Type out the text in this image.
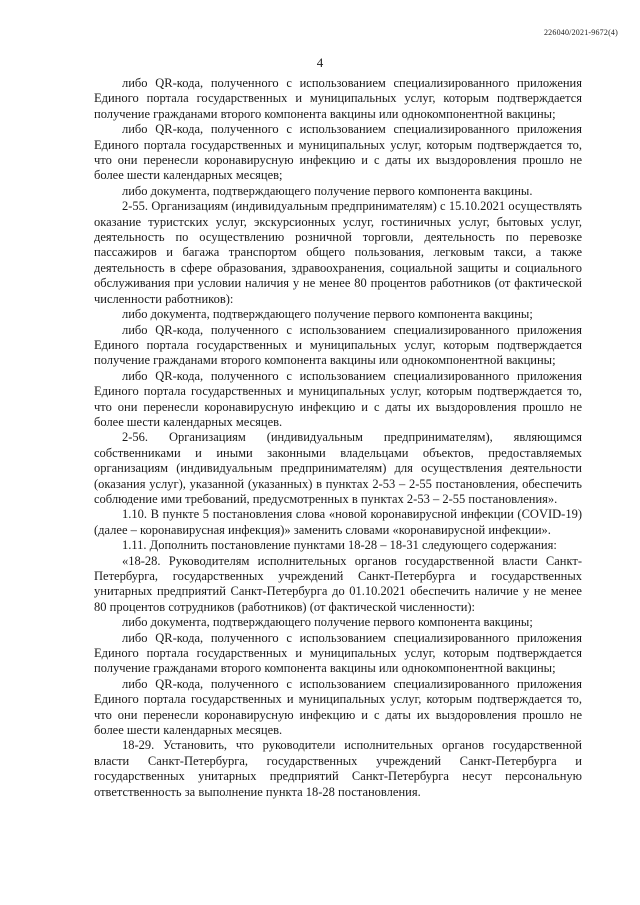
226040/2021-9672(4)
4

либо QR-кода, полученного с использованием специализированного приложения Единого портала государственных и муниципальных услуг, которым подтверждается получение гражданами второго компонента вакцины или однокомпонентной вакцины;

либо QR-кода, полученного с использованием специализированного приложения Единого портала государственных и муниципальных услуг, которым подтверждается то, что они перенесли коронавирусную инфекцию и с даты их выздоровления прошло не более шести календарных месяцев;

либо документа, подтверждающего получение первого компонента вакцины.

2-55. Организациям (индивидуальным предпринимателям) с 15.10.2021 осуществлять оказание туристских услуг, экскурсионных услуг, гостиничных услуг, бытовых услуг, деятельность по осуществлению розничной торговли, деятельность по перевозке пассажиров и багажа транспортом общего пользования, легковым такси, а также деятельность в сфере образования, здравоохранения, социальной защиты и социального обслуживания при условии наличия у не менее 80 процентов работников (от фактической численности работников):

либо документа, подтверждающего получение первого компонента вакцины;

либо QR-кода, полученного с использованием специализированного приложения Единого портала государственных и муниципальных услуг, которым подтверждается получение гражданами второго компонента вакцины или однокомпонентной вакцины;

либо QR-кода, полученного с использованием специализированного приложения Единого портала государственных и муниципальных услуг, которым подтверждается то, что они перенесли коронавирусную инфекцию и с даты их выздоровления прошло не более шести календарных месяцев.

2-56. Организациям (индивидуальным предпринимателям), являющимся собственниками и иными законными владельцами объектов, предоставляемых организациям (индивидуальным предпринимателям) для осуществления деятельности (оказания услуг), указанной (указанных) в пунктах 2-53 – 2-55 постановления, обеспечить соблюдение ими требований, предусмотренных в пунктах 2-53 – 2-55 постановления».

1.10. В пункте 5 постановления слова «новой коронавирусной инфекции (COVID-19) (далее – коронавирусная инфекция)» заменить словами «коронавирусной инфекции».

1.11. Дополнить постановление пунктами 18-28 – 18-31 следующего содержания:

«18-28. Руководителям исполнительных органов государственной власти Санкт-Петербурга, государственных учреждений Санкт-Петербурга и государственных унитарных предприятий Санкт-Петербурга до 01.10.2021 обеспечить наличие у не менее 80 процентов сотрудников (работников) (от фактической численности):

либо документа, подтверждающего получение первого компонента вакцины;

либо QR-кода, полученного с использованием специализированного приложения Единого портала государственных и муниципальных услуг, которым подтверждается получение гражданами второго компонента вакцины или однокомпонентной вакцины;

либо QR-кода, полученного с использованием специализированного приложения Единого портала государственных и муниципальных услуг, которым подтверждается то, что они перенесли коронавирусную инфекцию и с даты их выздоровления прошло не более шести календарных месяцев.

18-29. Установить, что руководители исполнительных органов государственной власти Санкт-Петербурга, государственных учреждений Санкт-Петербурга и государственных унитарных предприятий Санкт-Петербурга несут персональную ответственность за выполнение пункта 18-28 постановления.
